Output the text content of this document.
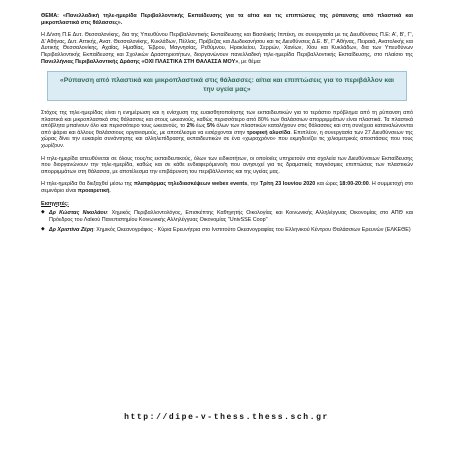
ΘΕΜΑ: «Πανελλαδική τηλε-ημερίδα Περιβαλλοντικής Εκπαίδευσης για τα αίτια και τις επιπτώσεις της ρύπανσης από πλαστικά και μικροπλαστικά στις θάλασσες».
Η Δ/νση Π.Ε Δυτ. Θεσσαλονίκης, δια της Υπευθύνου Περιβαλλοντικής Εκπαίδευσης και Βασιλικής Ιππέκη, σε συνεργασία με τις Διευθύνσεις Π.Ε: Α', Β', Γ', Δ' Αθήνας, Δυτ. Αττικής, Ανατ. Θεσσαλονίκης, Κυκλάδων, Πέλλας, Πρέβεζας και Δωδεκανήσου και τις Διευθύνσεις Δ.Ε. Β', Γ' Αθήνας, Πειραιά, Ανατολικής και Δυτικής Θεσσαλονίκης, Αχαΐας, Ημαθίας, Έβρου, Μαγνησίας, Ρεθύμνου, Ηρακλείου, Σερρών, Χανίων, Χίου και Κυκλάδων, δια των Υπευθύνων Περιβαλλοντικής Εκπαίδευσης και Σχολικών Δραστηριοτήτων, διοργανώνουν πανελλαδική τηλε-ημερίδα Περιβαλλοντικής Εκπαίδευσης, στο πλαίσιο της Πανελλήνιας Περιβαλλοντικής Δράσης «ΟΧΙ ΠΛΑΣΤΙΚΑ ΣΤΗ ΘΑΛΑΣΣΑ ΜΟΥ», με θέμα:
«Ρύπανση από πλαστικά και μικροπλαστικά στις θάλασσες: αίτια και επιπτώσεις για το περιβάλλον και την υγεία μας»
Στόχος της τηλε-ημερίδας είναι η ενημέρωση και η ενίσχυση της ευαισθητοποίησης των εκπαιδευτικών για το τεράστιο πρόβλημα από τη ρύπανση από πλαστικά και μικροπλαστικά στις θάλασσες και στους ωκεανούς, καθώς περισσότερο από 80% των θαλάσσιων απορριμμάτων είναι πλαστικά. Τα πλαστικά απόβλητα μπαίνουν όλο και περισσότερο τους ωκεανούς, το 2% έως 5% όλων των πλαστικών καταλήγουν στις θάλασσες και στη συνέχεια καταναλώνονται από ψάρια και άλλους θαλάσσιους οργανισμούς, με αποτέλεσμα να εισέρχονται στην τροφική αλυσίδα. Επιπλέον, η συνεργασία των 27 Διευθύνσεων της χώρας δίνει την ευκαιρία συνάντησης και αλληλεπίδρασης εκπαιδευτικών σε ένα «χωροχρόνο» που εκμηδενίζει τις χιλιομετρικές αποστάσεις που τους χωρίζουν.
Η τηλε-ημερίδα απευθύνεται σε όλους τους/τις εκπαιδευτικούς, όλων των ειδικοτήτων, οι οποίοι/ες υπηρετούν στα σχολεία των Διευθύνσεων Εκπαίδευσης που διοργανώνουν την τηλε-ημερίδα, καθώς και σε κάθε ενδιαφερόμενο/η που ανησυχεί για τις δραματικές παγκόσμιες επιπτώσεις των πλαστικών απορριμμάτων στη θάλασσα, με αποτέλεσμα την επιβάρυνση του περιβάλλοντος και της υγείας μας.
Η τηλε-ημερίδα θα διεξαχθεί μέσω της πλατφόρμας τηλεδιασκέψεων webex events, την Τρίτη 23 Ιουνίου 2020 και ώρες 18:00-20:00. Η συμμετοχή στο σεμινάριο είναι προαιρετική.
Εισηγητές:
◆ Δρ Κώστας Νικολάου: Χημικός Περιβαλλοντολόγος, Επισκέπτης Καθηγητής Οικολογίας και Κοινωνικής Αλληλέγγυας Οικονομίας στο ΑΠΘ και Πρόεδρος του Λαϊκού Πανεπιστημίου Κοινωνικής Αλληλέγγυας Οικονομίας "UnivSSE Coop"
◆ Δρ Χριστίνα Ζέρη: Χημικός Ωκεανογράφος - Κύρια Ερευνήτρια στο Ινστιτούτο Ωκεανογραφίας του Ελληνικού Κέντρου Θαλάσσιων Ερευνών (ΕΛΚΕΘΕ)
http://dipe-v-thess.thess.sch.gr
